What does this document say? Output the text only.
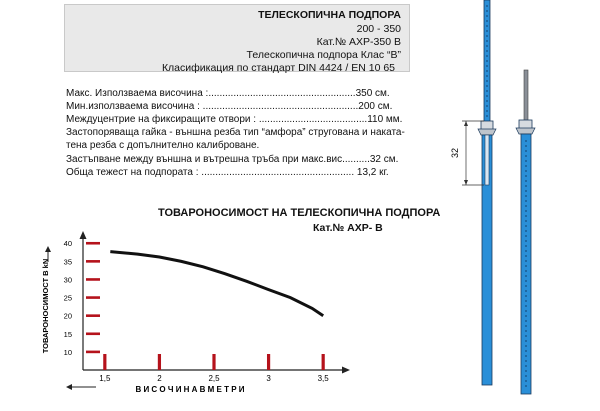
ТЕЛЕСКОПИЧНА ПОДПОРА
200 - 350
Кат.№ АХР-350 В
Телескопична подпора Клас “В”
Класификация по стандарт DIN 4424 / EN 10 65
Макс. Използваема височина :.....................................................350 см.
Мин.използваема височина : ........................................................200 см.
Междуцентрие на фиксиращите отвори : .......................................110 мм.
Застопоряваща гайка - външна резба тип “амфора” стругована и наката-
тена резба с допълнително калиброване.
Застъпване между външна и вътрешна тръба при макс.вис..........32 см.
Обща тежест на подпората : ....................................................... 13,2 кг.
ТОВАРОНОСИМОСТ НА ТЕЛЕСКОПИЧНА ПОДПОРА
Кат.№ АХР- В
ТОВАРОНОСИМОСТ В kN
В И С О Ч И Н А В М Е Т Р И
40
35
30
25
20
15
10
1,5	2	2,5	3	3,5
32
